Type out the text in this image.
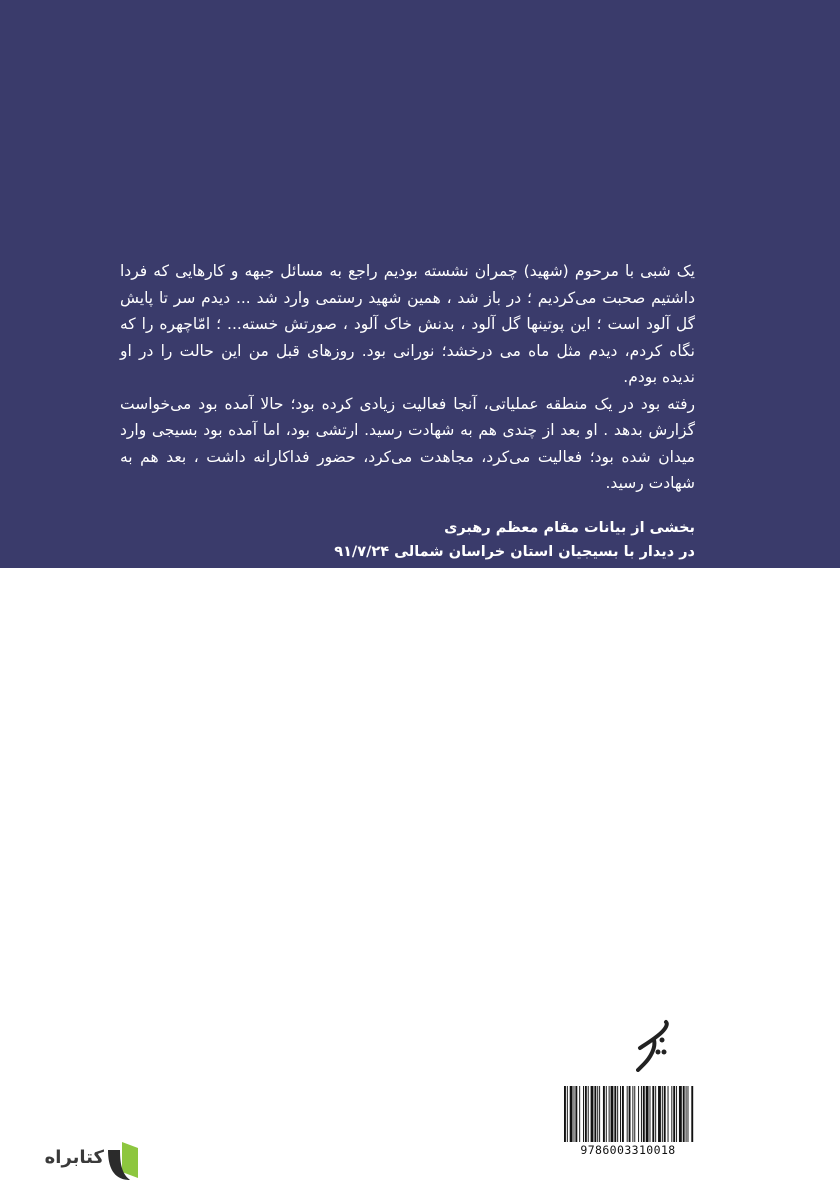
یک شبی با مرحوم (شهید) چمران نشسته بودیم راجع به مسائل جبهه و کارهایی که فردا داشتیم صحبت می‌کردیم ؛ در باز شد ، همین شهید رستمی وارد شد ... دیدم سر تا پایش گل آلود است ؛ این پوتینها گل آلود ، بدنش خاک آلود ، صورتش خسته... ؛ امّاچهره را که نگاه کردم، دیدم مثل ماه می درخشد؛ نورانی بود. روزهای قبل من این حالت را در او ندیده بودم.

رفته بود در یک منطقه عملیاتی، آنجا فعالیت زیادی کرده بود؛ حالا آمده بود می‌خواست گزارش بدهد . او بعد از چندی هم به شهادت رسید. ارتشی بود، اما آمده بود بسیجی وارد میدان شده بود؛ فعالیت می‌کرد، مجاهدت می‌کرد، حضور فداکارانه داشت ، بعد هم به شهادت رسید.

بخشی از بیانات مقام معظم رهبری
در دیدار با بسیجیان استان خراسان شمالی ۹۱/۷/۲۴
9786003310018
کتابراه
